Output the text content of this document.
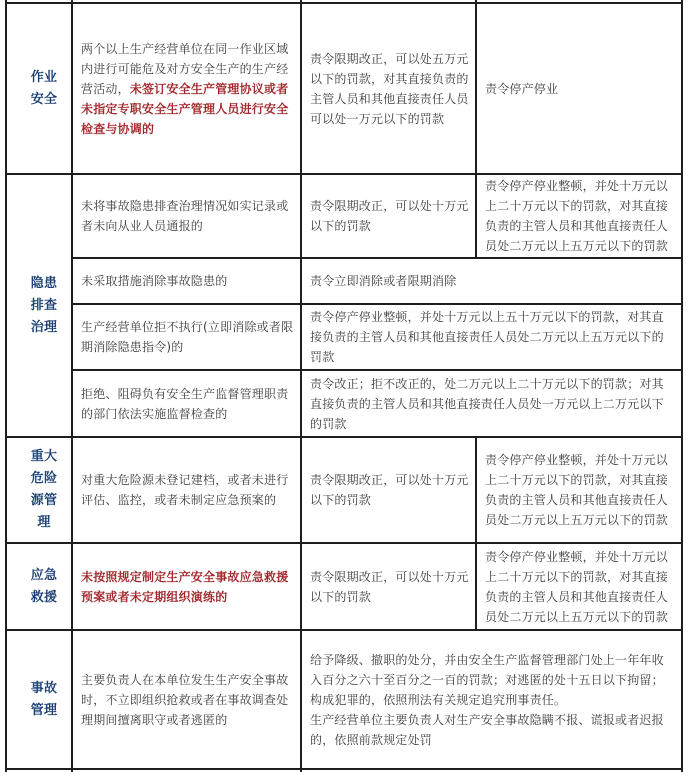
作业安全
两个以上生产经营单位在同一作业区域内进行可能危及对方安全生产的生产经营活动，未签订安全生产管理协议或者未指定专职安全生产管理人员进行安全检查与协调的
责令限期改正，可以处五万元以下的罚款，对其直接负责的主管人员和其他直接责任人员可以处一万元以下的罚款
责令停产停业
隐患排查治理
未将事故隐患排查治理情况如实记录或者未向从业人员通报的
责令限期改正，可以处十万元以下的罚款
责令停产停业整顿，并处十万元以上二十万元以下的罚款，对其直接负责的主管人员和其他直接责任人员处二万元以上五万元以下的罚款
未采取措施消除事故隐患的	责令立即消除或者限期消除
生产经营单位拒不执行(立即消除或者限期消除隐患指令)的
责令停产停业整顿，并处十万元以上五十万元以下的罚款，对其直接负责的主管人员和其他直接责任人员处二万元以上五万元以下的罚款
拒绝、阻碍负有安全生产监督管理职责的部门依法实施监督检查的
责令改正；拒不改正的，处二万元以上二十万元以下的罚款；对其直接负责的主管人员和其他直接责任人员处一万元以上二万元以下的罚款
重大危险源管理
对重大危险源未登记建档，或者未进行评估、监控，或者未制定应急预案的
责令限期改正，可以处十万元以下的罚款
责令停产停业整顿，并处十万元以上二十万元以下的罚款，对其直接负责的主管人员和其他直接责任人员处二万元以上五万元以下的罚款
应急救援
未按照规定制定生产安全事故应急救援预案或者未定期组织演练的
责令限期改正，可以处十万元以下的罚款
责令停产停业整顿，并处十万元以上二十万元以下的罚款，对其直接负责的主管人员和其他直接责任人员处二万元以上五万元以下的罚款
事故管理
主要负责人在本单位发生生产安全事故时，不立即组织抢救或者在事故调查处理期间擅离职守或者逃匿的
给予降级、撤职的处分，并由安全生产监督管理部门处上一年年收入百分之六十至百分之一百的罚款；对逃匿的处十五日以下拘留；构成犯罪的，依照刑法有关规定追究刑事责任。
生产经营单位主要负责人对生产安全事故隐瞒不报、谎报或者迟报的，依照前款规定处罚
